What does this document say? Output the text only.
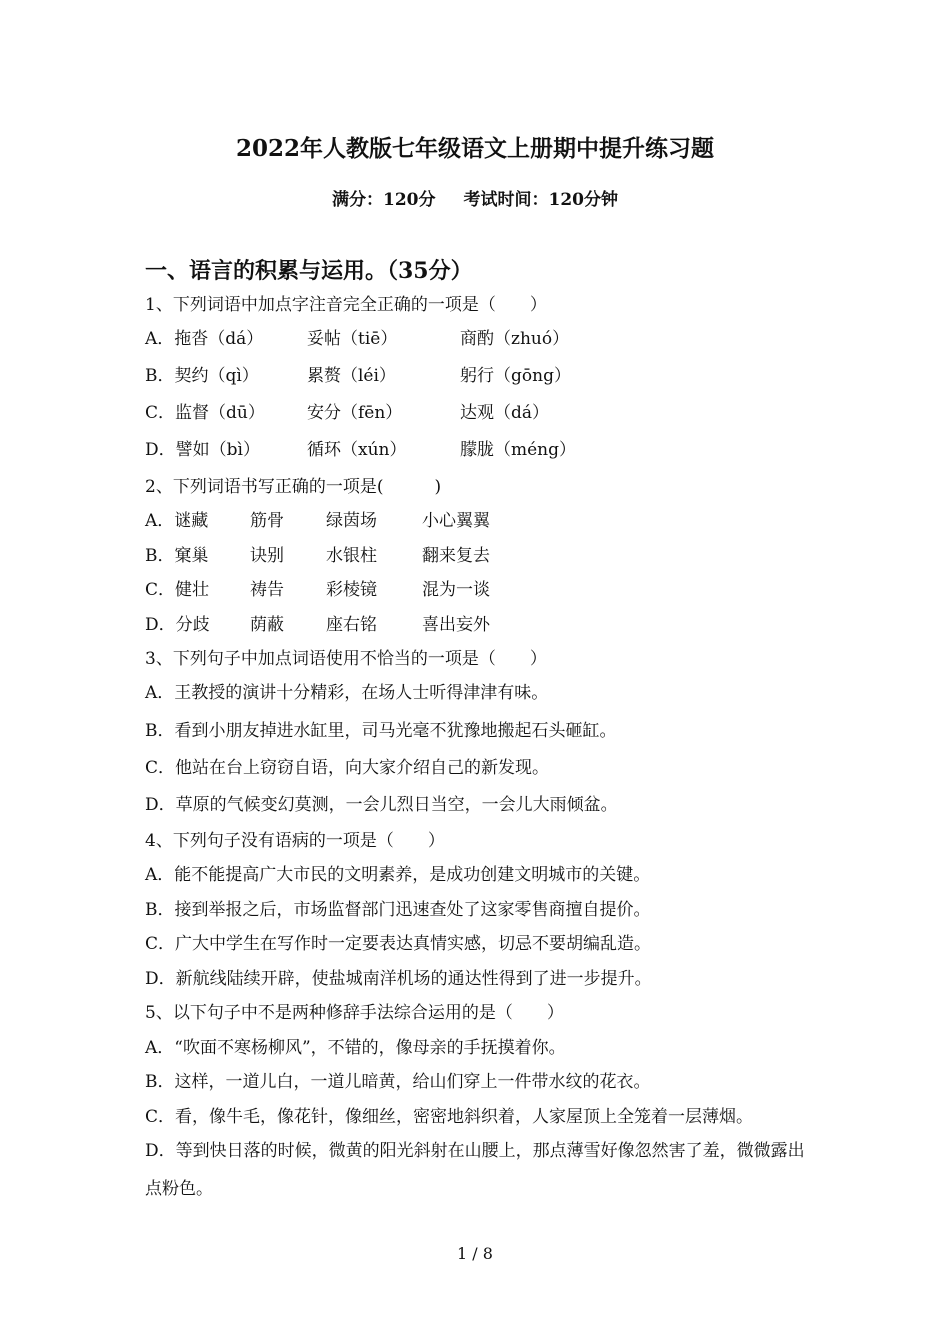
2022年人教版七年级语文上册期中提升练习题
满分：120分 考试时间：120分钟
一、语言的积累与运用。（35分）
1、下列词语中加点字注音完全正确的一项是（　　）
A．拖沓（dá）	妥帖（tiē）	商酌（zhuó）
B．契约（qì）	累赘（léi）	躬行（gōng）
C．监督（dū） 安分（fēn）	达观（dá）
D．譬如（bì）	循环（xún）	朦胧（méng）
2、下列词语书写正确的一项是(　　　)
A．谜藏 筋骨 绿茵场	小心翼翼
B．窠巢 诀别 水银柱	翻来复去
C．健壮 祷告 彩棱镜	混为一谈
D．分歧 荫蔽 座右铭	喜出妄外
3、下列句子中加点词语使用不恰当的一项是（　　）
A．王教授的演讲十分精彩，在场人士听得津津有味。
B．看到小朋友掉进水缸里，司马光毫不犹豫地搬起石头砸缸。
C．他站在台上窃窃自语，向大家介绍自己的新发现。
D．草原的气候变幻莫测，一会儿烈日当空，一会儿大雨倾盆。
4、下列句子没有语病的一项是（　　）
A．能不能提高广大市民的文明素养，是成功创建文明城市的关键。
B．接到举报之后，市场监督部门迅速查处了这家零售商擅自提价。
C．广大中学生在写作时一定要表达真情实感，切忌不要胡编乱造。
D．新航线陆续开辟，使盐城南洋机场的通达性得到了进一步提升。
5、以下句子中不是两种修辞手法综合运用的是（　　）
A．“吹面不寒杨柳风”，不错的，像母亲的手抚摸着你。
B．这样，一道儿白，一道儿暗黄，给山们穿上一件带水纹的花衣。
C．看，像牛毛，像花针，像细丝，密密地斜织着，人家屋顶上全笼着一层薄烟。
D．等到快日落的时候，微黄的阳光斜射在山腰上，那点薄雪好像忽然害了羞，微微露出点粉色。
1 / 8
